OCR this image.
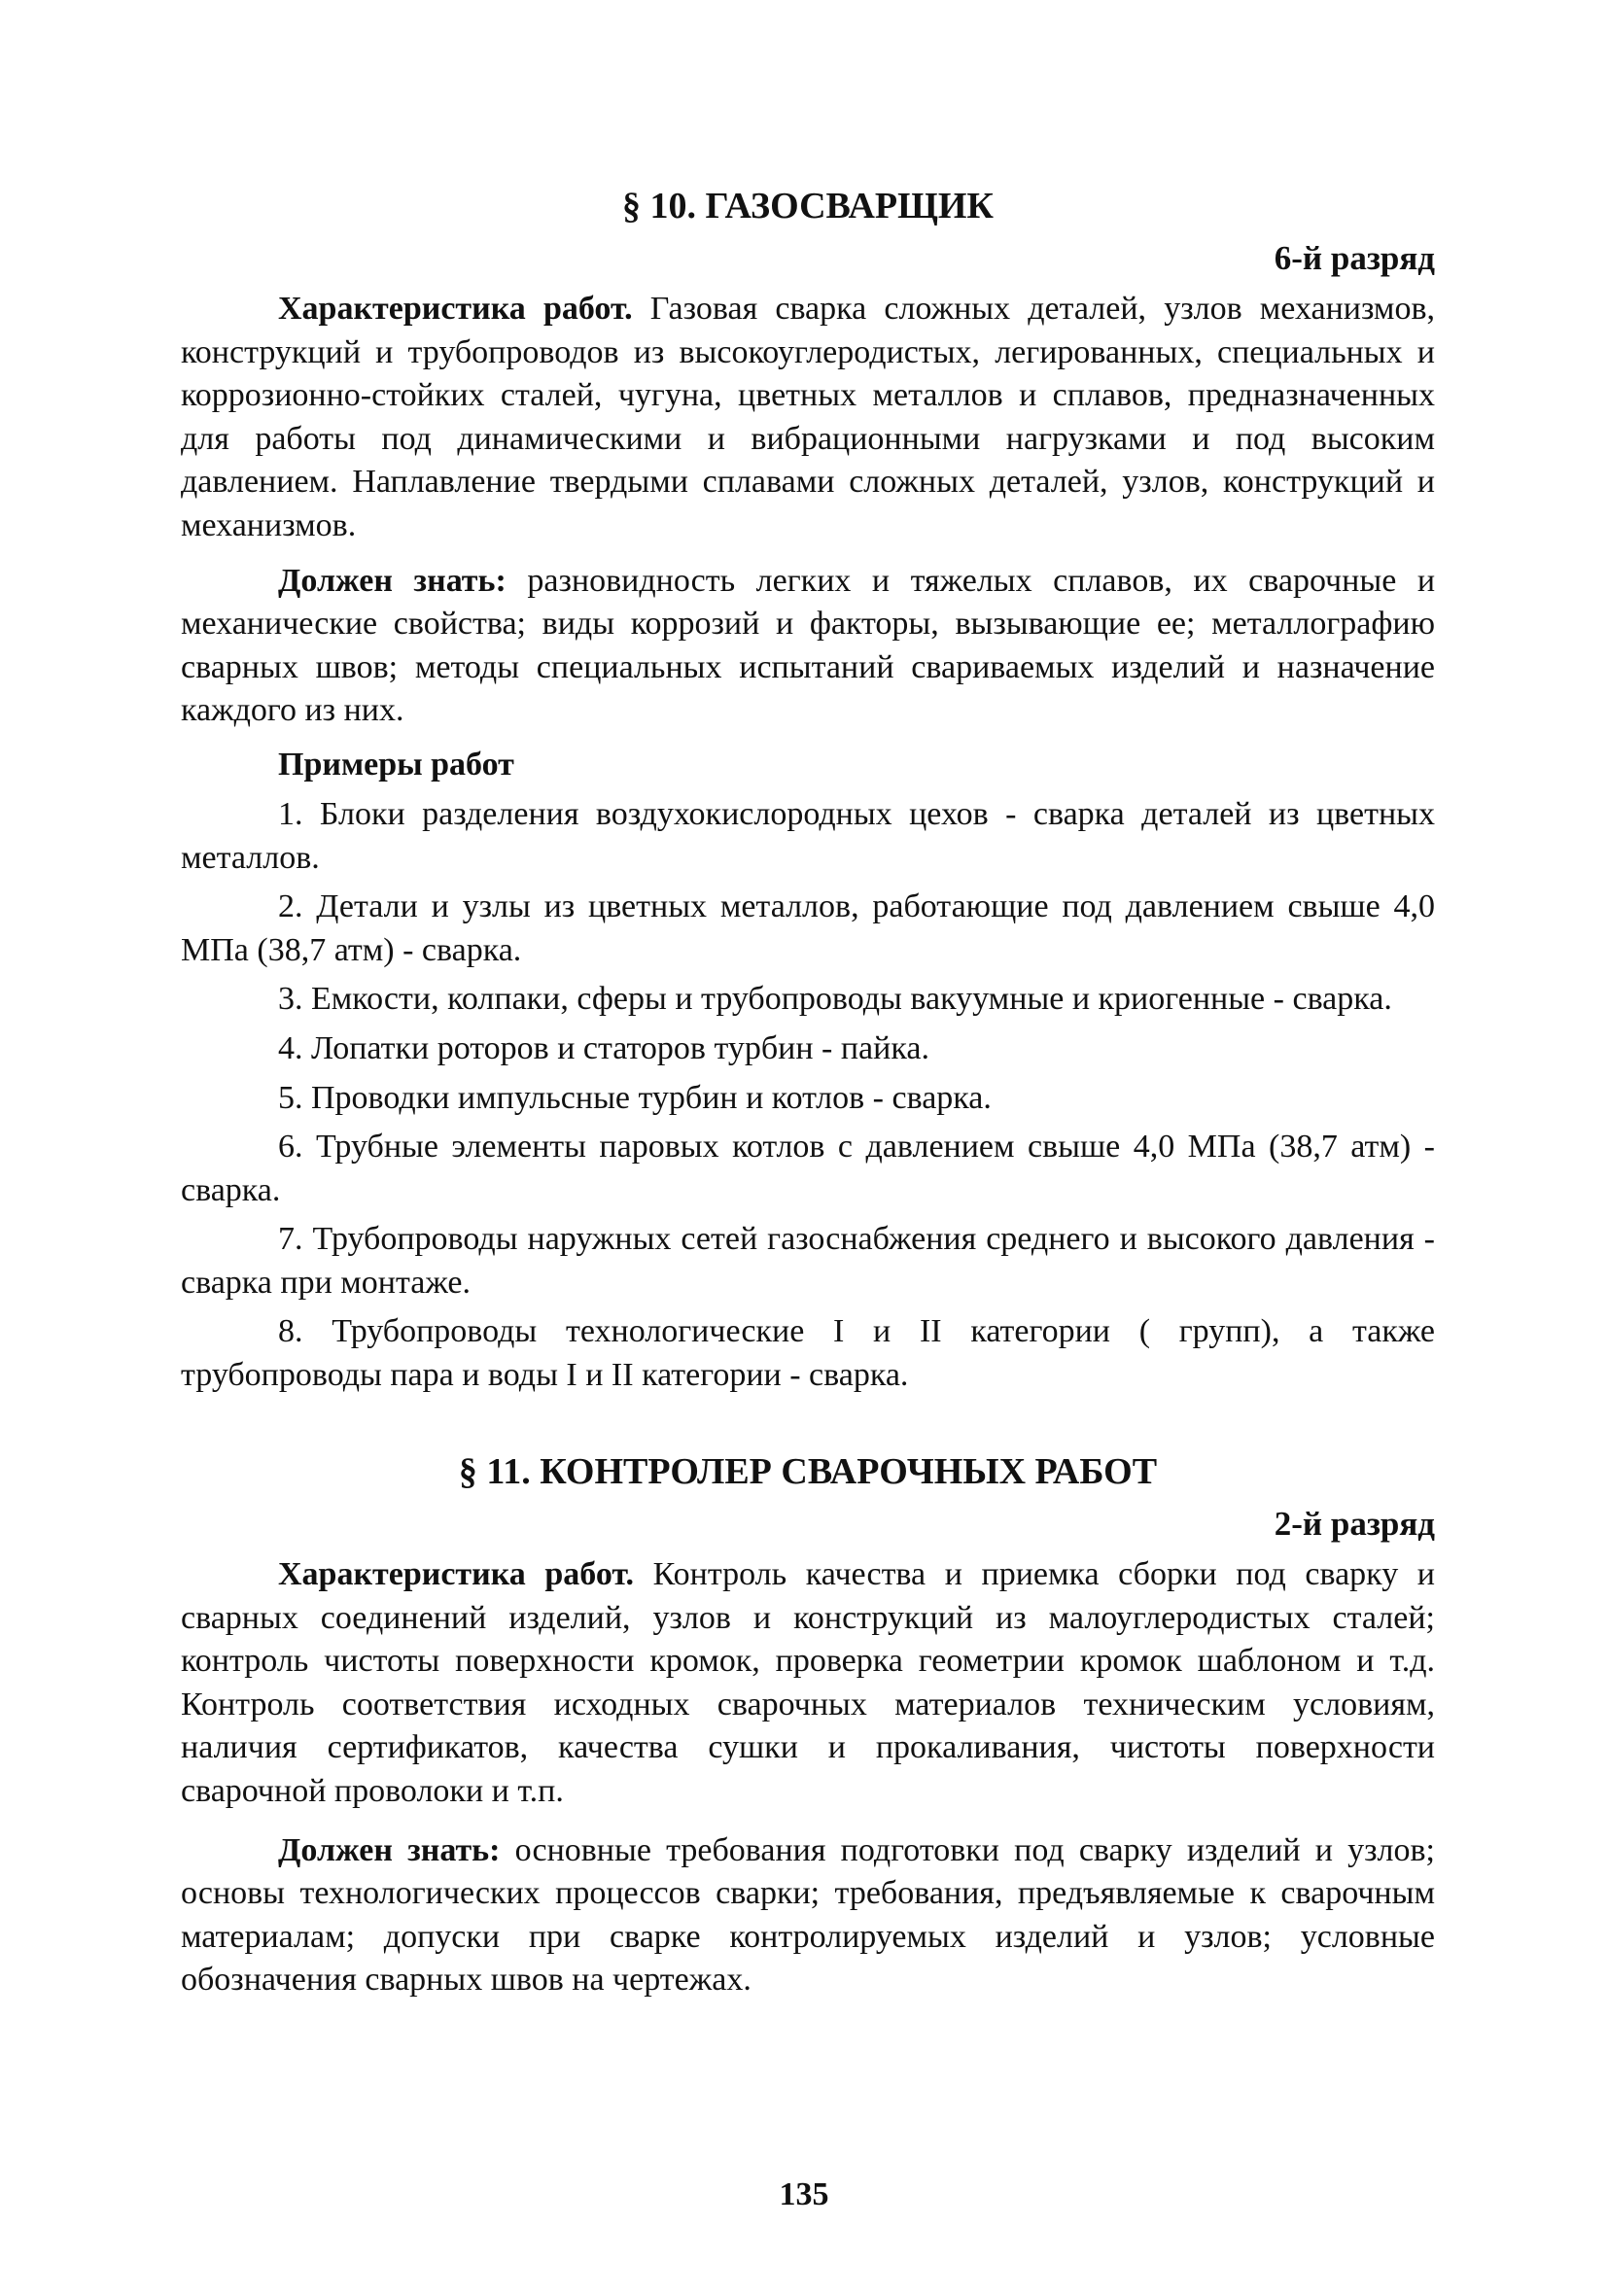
§ 10. ГАЗОСВАРЩИК
6-й разряд

Характеристика работ. Газовая сварка сложных деталей, узлов механизмов, конструкций и трубопроводов из высокоуглеродистых, легированных, специальных и коррозионно-стойких сталей, чугуна, цветных металлов и сплавов, предназначенных для работы под динамическими и вибрационными нагрузками и под высоким давлением. Наплавление твердыми сплавами сложных деталей, узлов, конструкций и механизмов.

Должен знать: разновидность легких и тяжелых сплавов, их сварочные и механические свойства; виды коррозий и факторы, вызывающие ее; металлографию сварных швов; методы специальных испытаний свариваемых изделий и назначение каждого из них.

Примеры работ

1. Блоки разделения воздухокислородных цехов - сварка деталей из цветных металлов.

2. Детали и узлы из цветных металлов, работающие под давлением свыше 4,0 МПа (38,7 атм) - сварка.

3. Емкости, колпаки, сферы и трубопроводы вакуумные и криогенные - сварка.

4. Лопатки роторов и статоров турбин - пайка.

5. Проводки импульсные турбин и котлов - сварка.

6. Трубные элементы паровых котлов с давлением свыше 4,0 МПа (38,7 атм) - сварка.

7. Трубопроводы наружных сетей газоснабжения среднего и высокого давления - сварка при монтаже.

8. Трубопроводы технологические I и II категории ( групп), а также трубопроводы пара и воды I и II категории - сварка.

§ 11. КОНТРОЛЕР СВАРОЧНЫХ РАБОТ
2-й разряд

Характеристика работ. Контроль качества и приемка сборки под сварку и сварных соединений изделий, узлов и конструкций из малоуглеродистых сталей; контроль чистоты поверхности кромок, проверка геометрии кромок шаблоном и т.д. Контроль соответствия исходных сварочных материалов техническим условиям, наличия сертификатов, качества сушки и прокаливания, чистоты поверхности сварочной проволоки и т.п.

Должен знать: основные требования подготовки под сварку изделий и узлов; основы технологических процессов сварки; требования, предъявляемые к сварочным материалам; допуски при сварке контролируемых изделий и узлов; условные обозначения сварных швов на чертежах.

135
